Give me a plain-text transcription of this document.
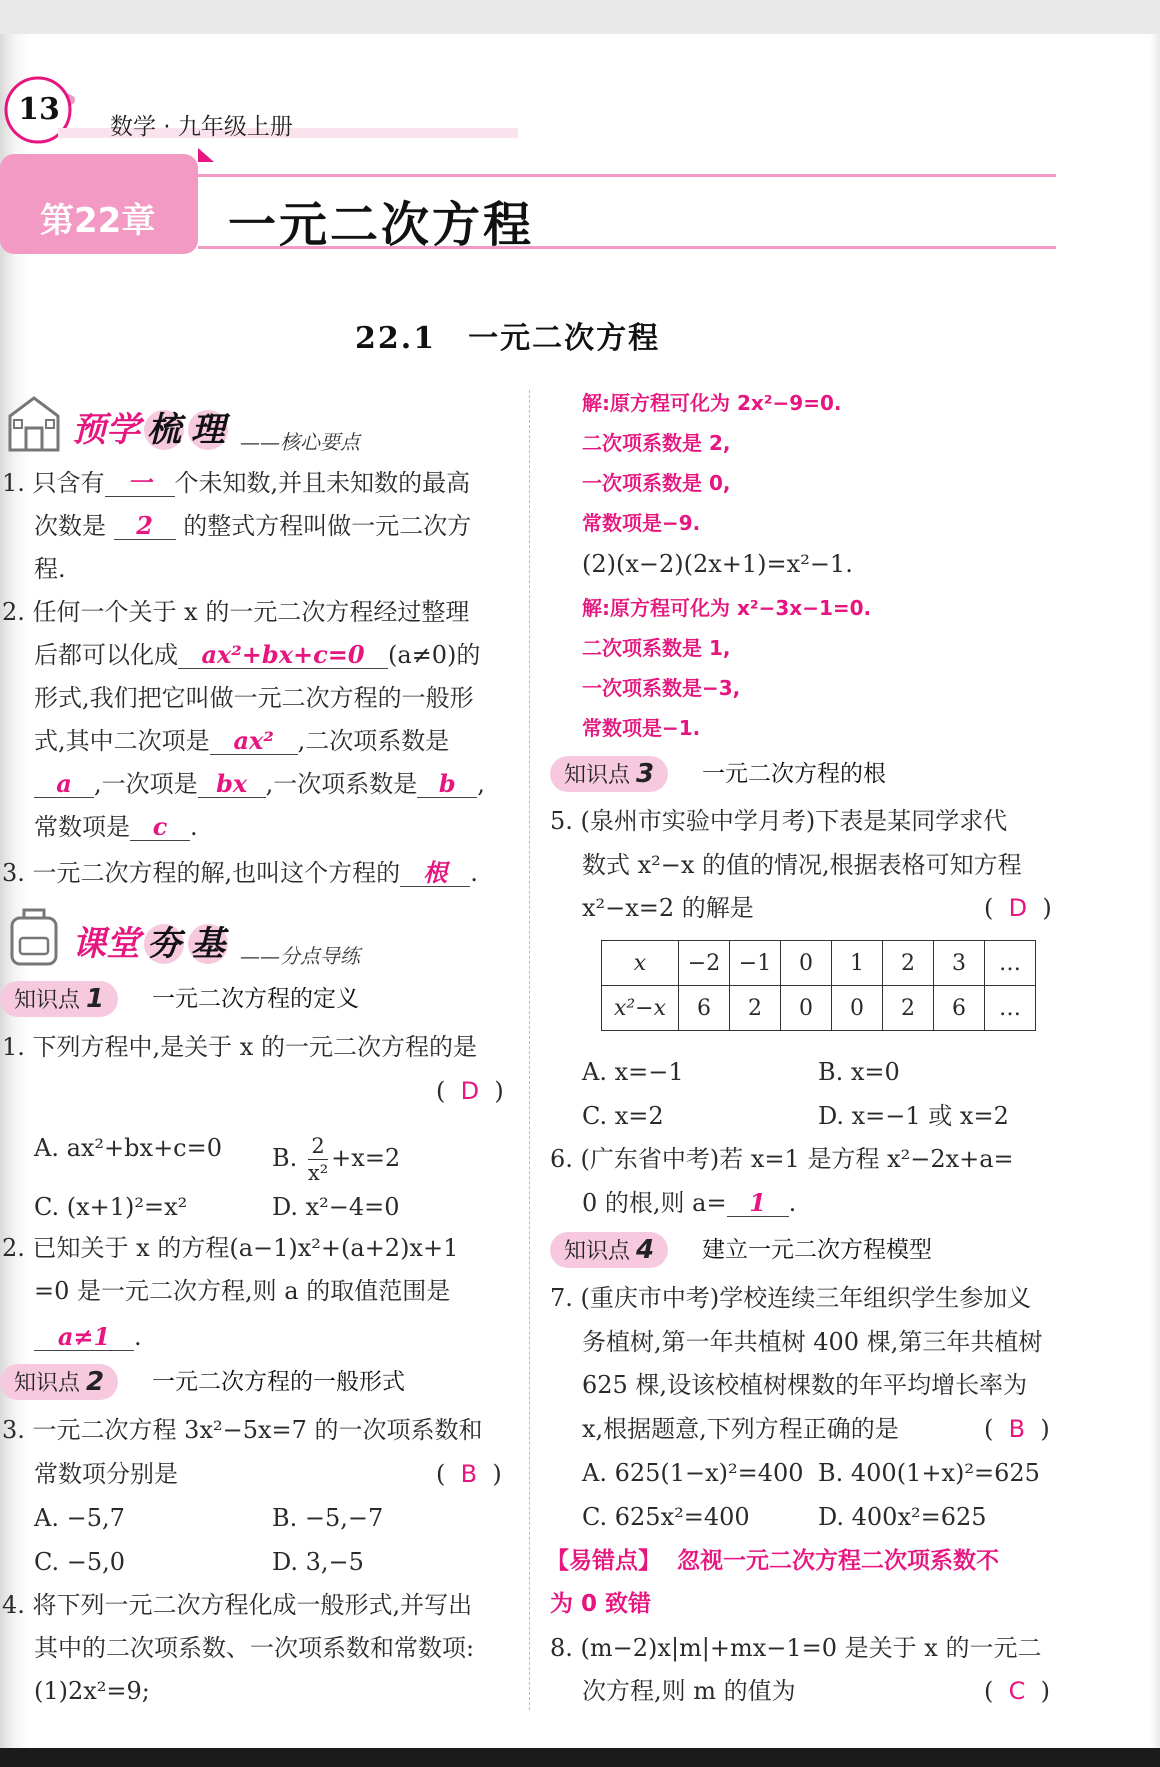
13 数学 · 九年级上册
第22章 一元二次方程
22.1　一元二次方程
预学 梳 理 ——核心要点
1. 只含有 一 个未知数,并且未知数的最高
次数是 2 的整式方程叫做一元二次方
程.
2. 任何一个关于 x 的一元二次方程经过整理
后都可以化成 ax²+bx+c=0 (a≠0)的
形式,我们把它叫做一元二次方程的一般形
式,其中二次项是 ax² ,二次项系数是
a ,一次项是 bx ,一次项系数是 b ,
常数项是 c .
3. 一元二次方程的解,也叫这个方程的 根 .
课堂 夯 基 ——分点导练
知识点 1	一元二次方程的定义
1. 下列方程中,是关于 x 的一元二次方程的是
(  D  )
A. ax²+bx+c=0 B. $\frac{2}{\text{x²}} +x=2$
C. (x+1)²=x²	D. x²−4=0
2. 已知关于 x 的方程(a−1)x²+(a+2)x+1
=0 是一元二次方程,则 a 的取值范围是
a≠1 .
知识点 2	一元二次方程的一般形式
3. 一元二次方程 3x²−5x=7 的一次项系数和
常数项分别是	(  B  )
A. −5,7	B. −5,−7
C. −5,0	D. 3,−5
4. 将下列一元二次方程化成一般形式,并写出
其中的二次项系数、一次项系数和常数项:
(1)2x²=9;
解:原方程可化为 2x²−9=0.
二次项系数是 2,
一次项系数是 0,
常数项是−9.
(2)(x−2)(2x+1)=x²−1.
解:原方程可化为 x²−3x−1=0.
二次项系数是 1,
一次项系数是−3,
常数项是−1.
知识点 3	一元二次方程的根
5. (泉州市实验中学月考)下表是某同学求代
数式 x²−x 的值的情况,根据表格可知方程
x²−x=2 的解是	(  D  )
x	−2	−1	0	1	2	3	…
x²−x	6	2	0	0	2	6	…
A. x=−1	B. x=0
C. x=2	D. x=−1 或 x=2
6. (广东省中考)若 x=1 是方程 x²−2x+a=
0 的根,则 a= 1 .
知识点 4	建立一元二次方程模型
7. (重庆市中考)学校连续三年组织学生参加义
务植树,第一年共植树 400 棵,第三年共植树
625 棵,设该校植树棵数的年平均增长率为
x,根据题意,下列方程正确的是	(  B  )
A. 625(1−x)²=400 B. 400(1+x)²=625
C. 625x²=400	D. 400x²=625
【易错点】 忽视一元二次方程二次项系数不
为 0 致错
8. (m−2)x|m|+mx−1=0 是关于 x 的一元二
次方程,则 m 的值为	(  C  )
